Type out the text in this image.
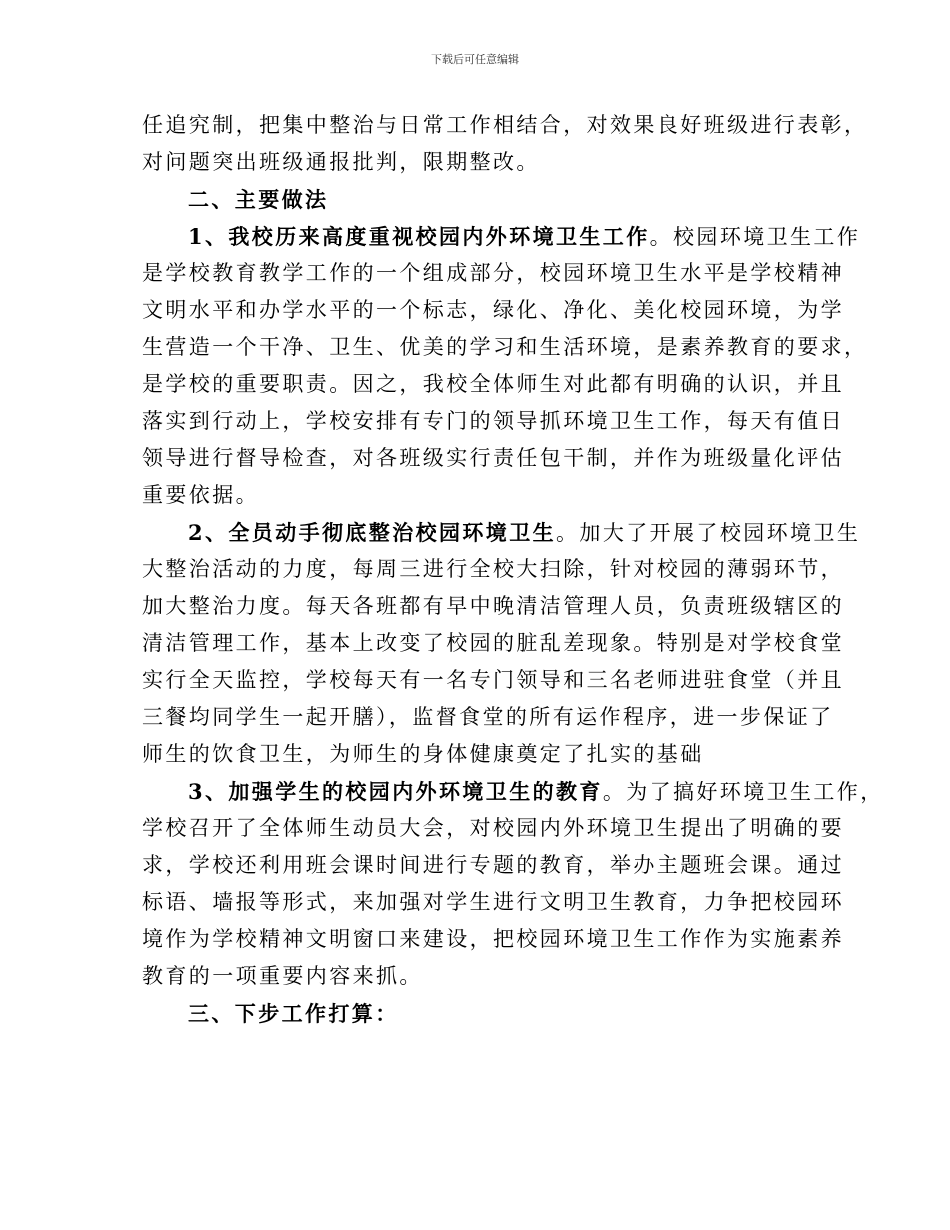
下载后可任意编辑
任追究制，把集中整治与日常工作相结合，对效果良好班级进行表彰，
对问题突出班级通报批判，限期整改。
二、主要做法
1、我校历来高度重视校园内外环境卫生工作。校园环境卫生工作
是学校教育教学工作的一个组成部分，校园环境卫生水平是学校精神
文明水平和办学水平的一个标志，绿化、净化、美化校园环境，为学
生营造一个干净、卫生、优美的学习和生活环境，是素养教育的要求，
是学校的重要职责。因之，我校全体师生对此都有明确的认识，并且
落实到行动上，学校安排有专门的领导抓环境卫生工作，每天有值日
领导进行督导检查，对各班级实行责任包干制，并作为班级量化评估
重要依据。
2、全员动手彻底整治校园环境卫生。加大了开展了校园环境卫生
大整治活动的力度，每周三进行全校大扫除，针对校园的薄弱环节，
加大整治力度。每天各班都有早中晚清洁管理人员，负责班级辖区的
清洁管理工作，基本上改变了校园的脏乱差现象。特别是对学校食堂
实行全天监控，学校每天有一名专门领导和三名老师进驻食堂（并且
三餐均同学生一起开膳），监督食堂的所有运作程序，进一步保证了
师生的饮食卫生，为师生的身体健康奠定了扎实的基础
3、加强学生的校园内外环境卫生的教育。为了搞好环境卫生工作，
学校召开了全体师生动员大会，对校园内外环境卫生提出了明确的要
求，学校还利用班会课时间进行专题的教育，举办主题班会课。通过
标语、墙报等形式，来加强对学生进行文明卫生教育，力争把校园环
境作为学校精神文明窗口来建设，把校园环境卫生工作作为实施素养
教育的一项重要内容来抓。
三、下步工作打算：
